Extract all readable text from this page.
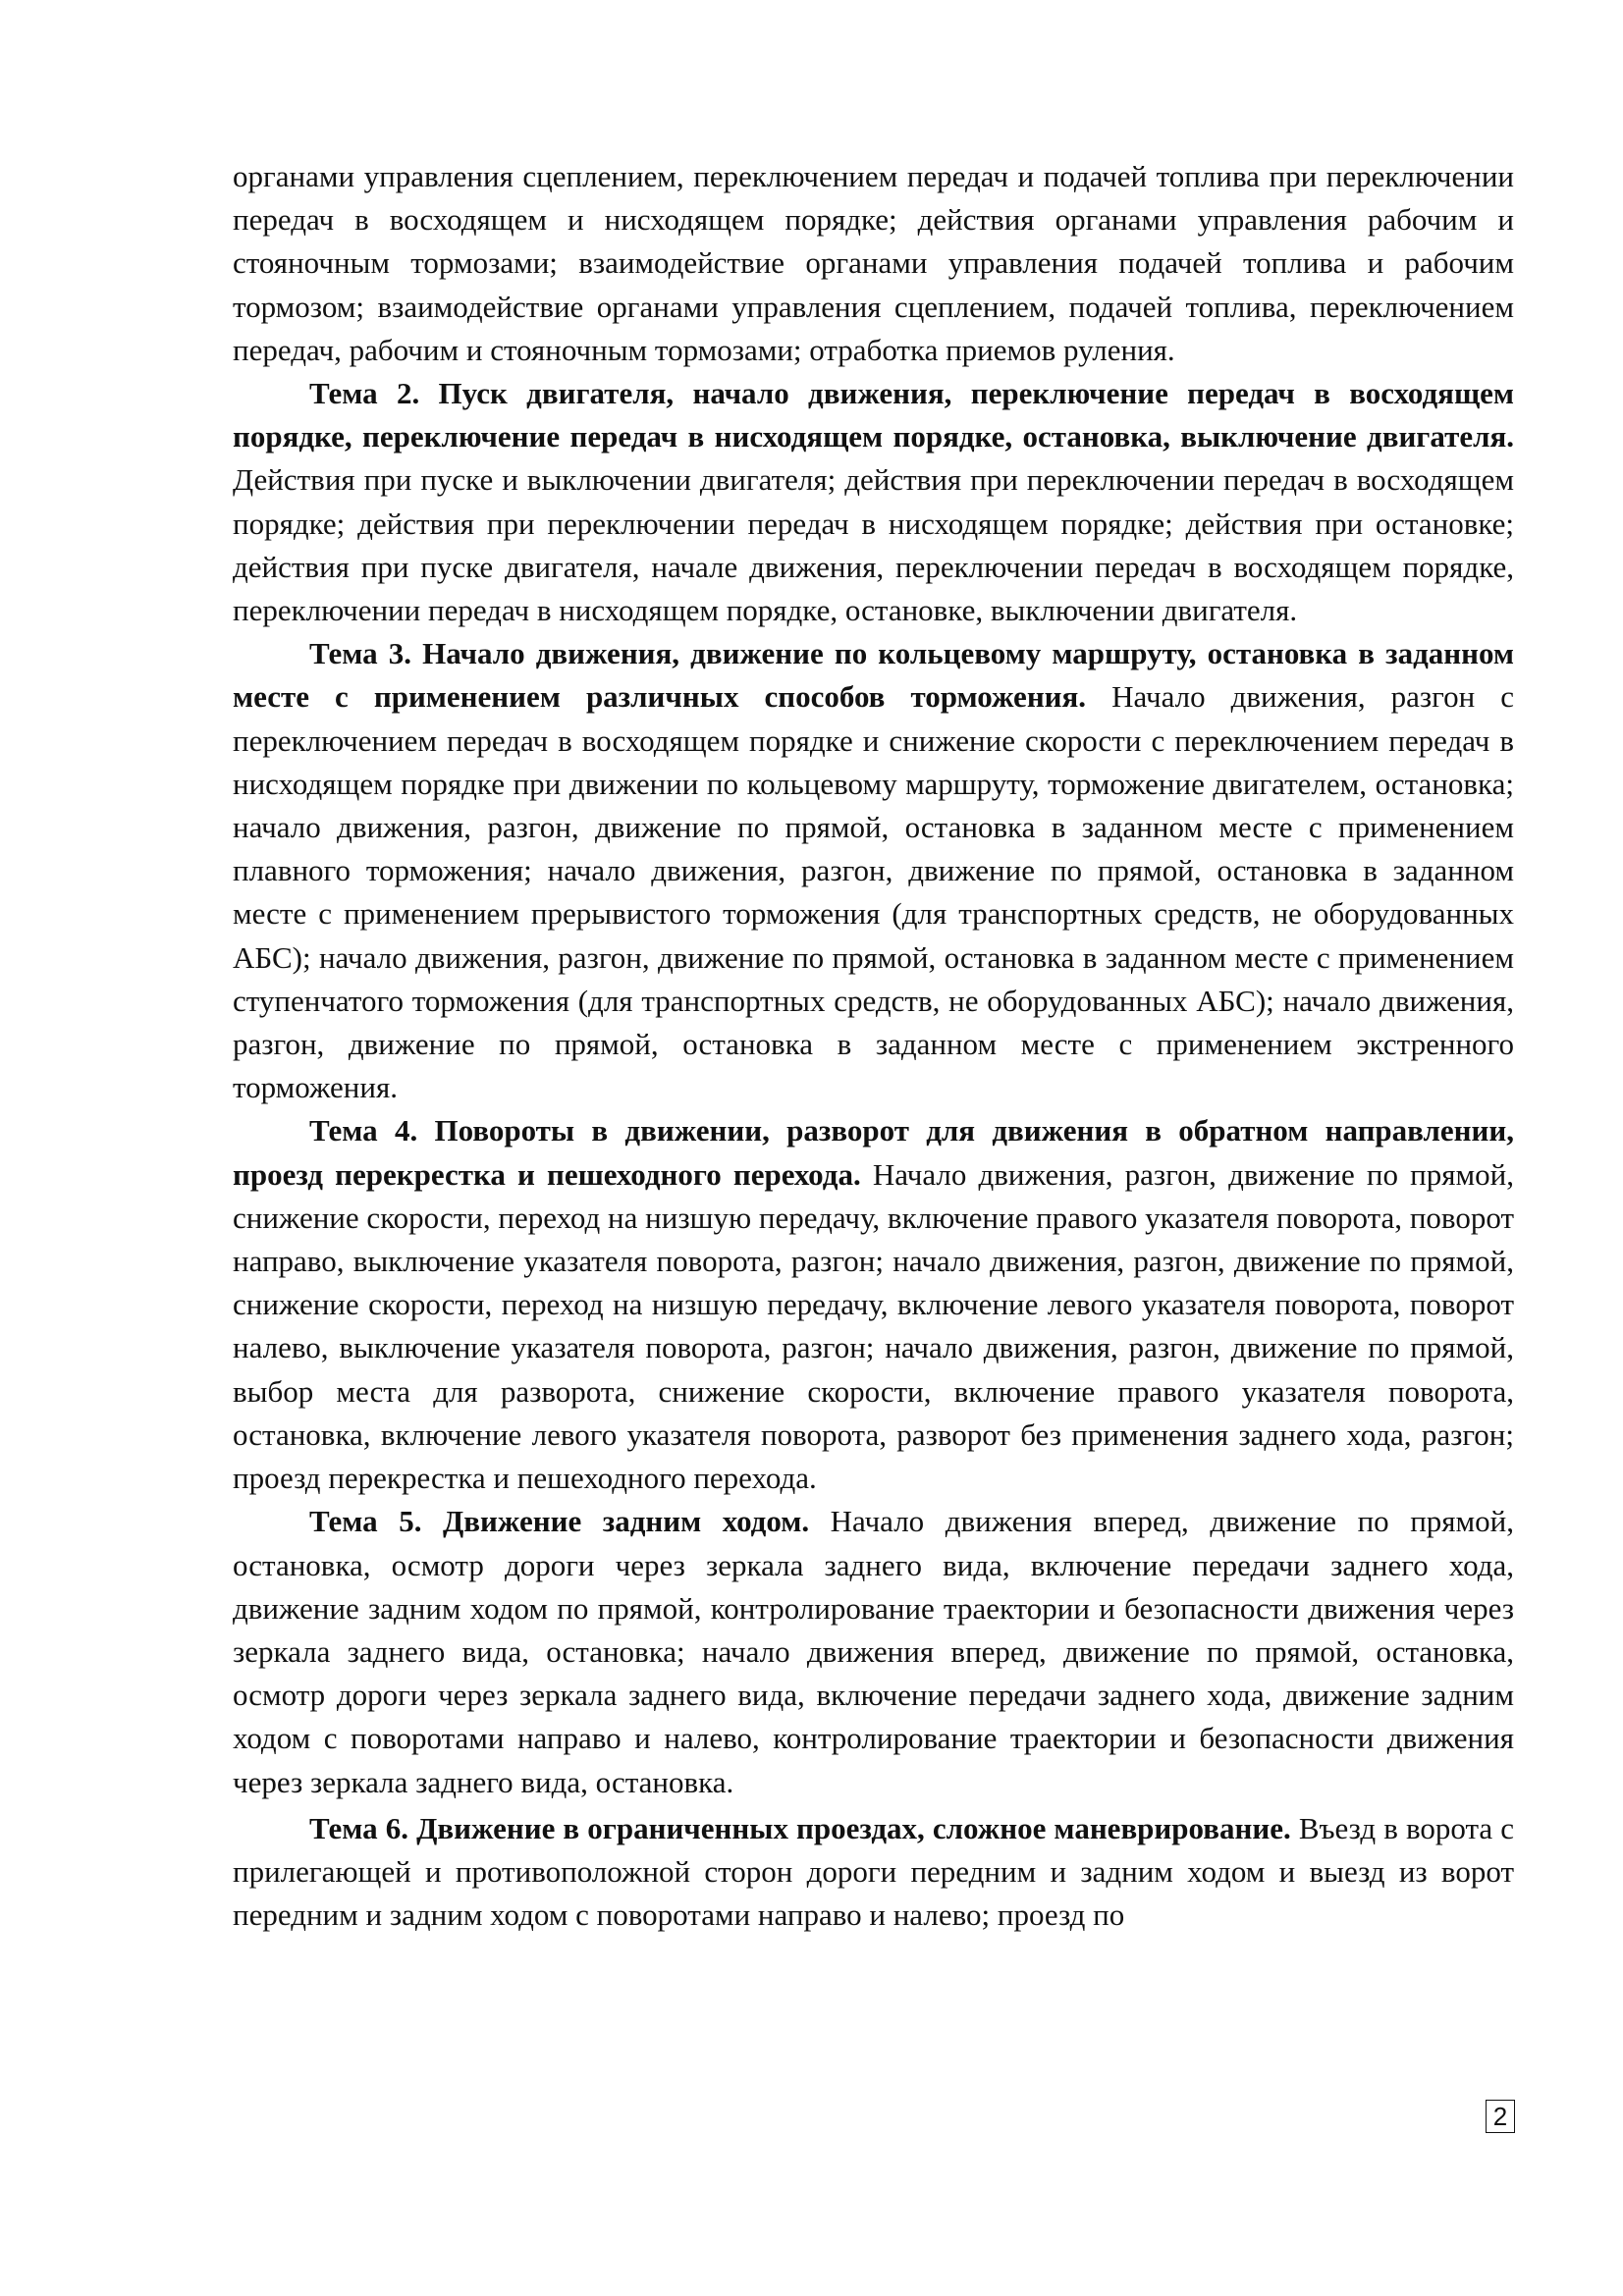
органами управления сцеплением, переключением передач и подачей топлива при переключении передач в восходящем и нисходящем порядке; действия органами управления рабочим и стояночным тормозами; взаимодействие органами управления подачей топлива и рабочим тормозом; взаимодействие органами управления сцеплением, подачей топлива, переключением передач, рабочим и стояночным тормозами; отработка приемов руления.

Тема 2. Пуск двигателя, начало движения, переключение передач в восходящем порядке, переключение передач в нисходящем порядке, остановка, выключение двигателя. Действия при пуске и выключении двигателя; действия при переключении передач в восходящем порядке; действия при переключении передач в нисходящем порядке; действия при остановке; действия при пуске двигателя, начале движения, переключении передач в восходящем порядке, переключении передач в нисходящем порядке, остановке, выключении двигателя.

Тема 3. Начало движения, движение по кольцевому маршруту, остановка в заданном месте с применением различных способов торможения. Начало движения, разгон с переключением передач в восходящем порядке и снижение скорости с переключением передач в нисходящем порядке при движении по кольцевому маршруту, торможение двигателем, остановка; начало движения, разгон, движение по прямой, остановка в заданном месте с применением плавного торможения; начало движения, разгон, движение по прямой, остановка в заданном месте с применением прерывистого торможения (для транспортных средств, не оборудованных АБС); начало движения, разгон, движение по прямой, остановка в заданном месте с применением ступенчатого торможения (для транспортных средств, не оборудованных АБС); начало движения, разгон, движение по прямой, остановка в заданном месте с применением экстренного торможения.

Тема 4. Повороты в движении, разворот для движения в обратном направлении, проезд перекрестка и пешеходного перехода. Начало движения, разгон, движение по прямой, снижение скорости, переход на низшую передачу, включение правого указателя поворота, поворот направо, выключение указателя поворота, разгон; начало движения, разгон, движение по прямой, снижение скорости, переход на низшую передачу, включение левого указателя поворота, поворот налево, выключение указателя поворота, разгон; начало движения, разгон, движение по прямой, выбор места для разворота, снижение скорости, включение правого указателя поворота, остановка, включение левого указателя поворота, разворот без применения заднего хода, разгон; проезд перекрестка и пешеходного перехода.

Тема 5. Движение задним ходом. Начало движения вперед, движение по прямой, остановка, осмотр дороги через зеркала заднего вида, включение передачи заднего хода, движение задним ходом по прямой, контролирование траектории и безопасности движения через зеркала заднего вида, остановка; начало движения вперед, движение по прямой, остановка, осмотр дороги через зеркала заднего вида, включение передачи заднего хода, движение задним ходом с поворотами направо и налево, контролирование траектории и безопасности движения через зеркала заднего вида, остановка.

Тема 6. Движение в ограниченных проездах, сложное маневрирование. Въезд в ворота с прилегающей и противоположной сторон дороги передним и задним ходом и выезд из ворот передним и задним ходом с поворотами направо и налево; проезд по

2
